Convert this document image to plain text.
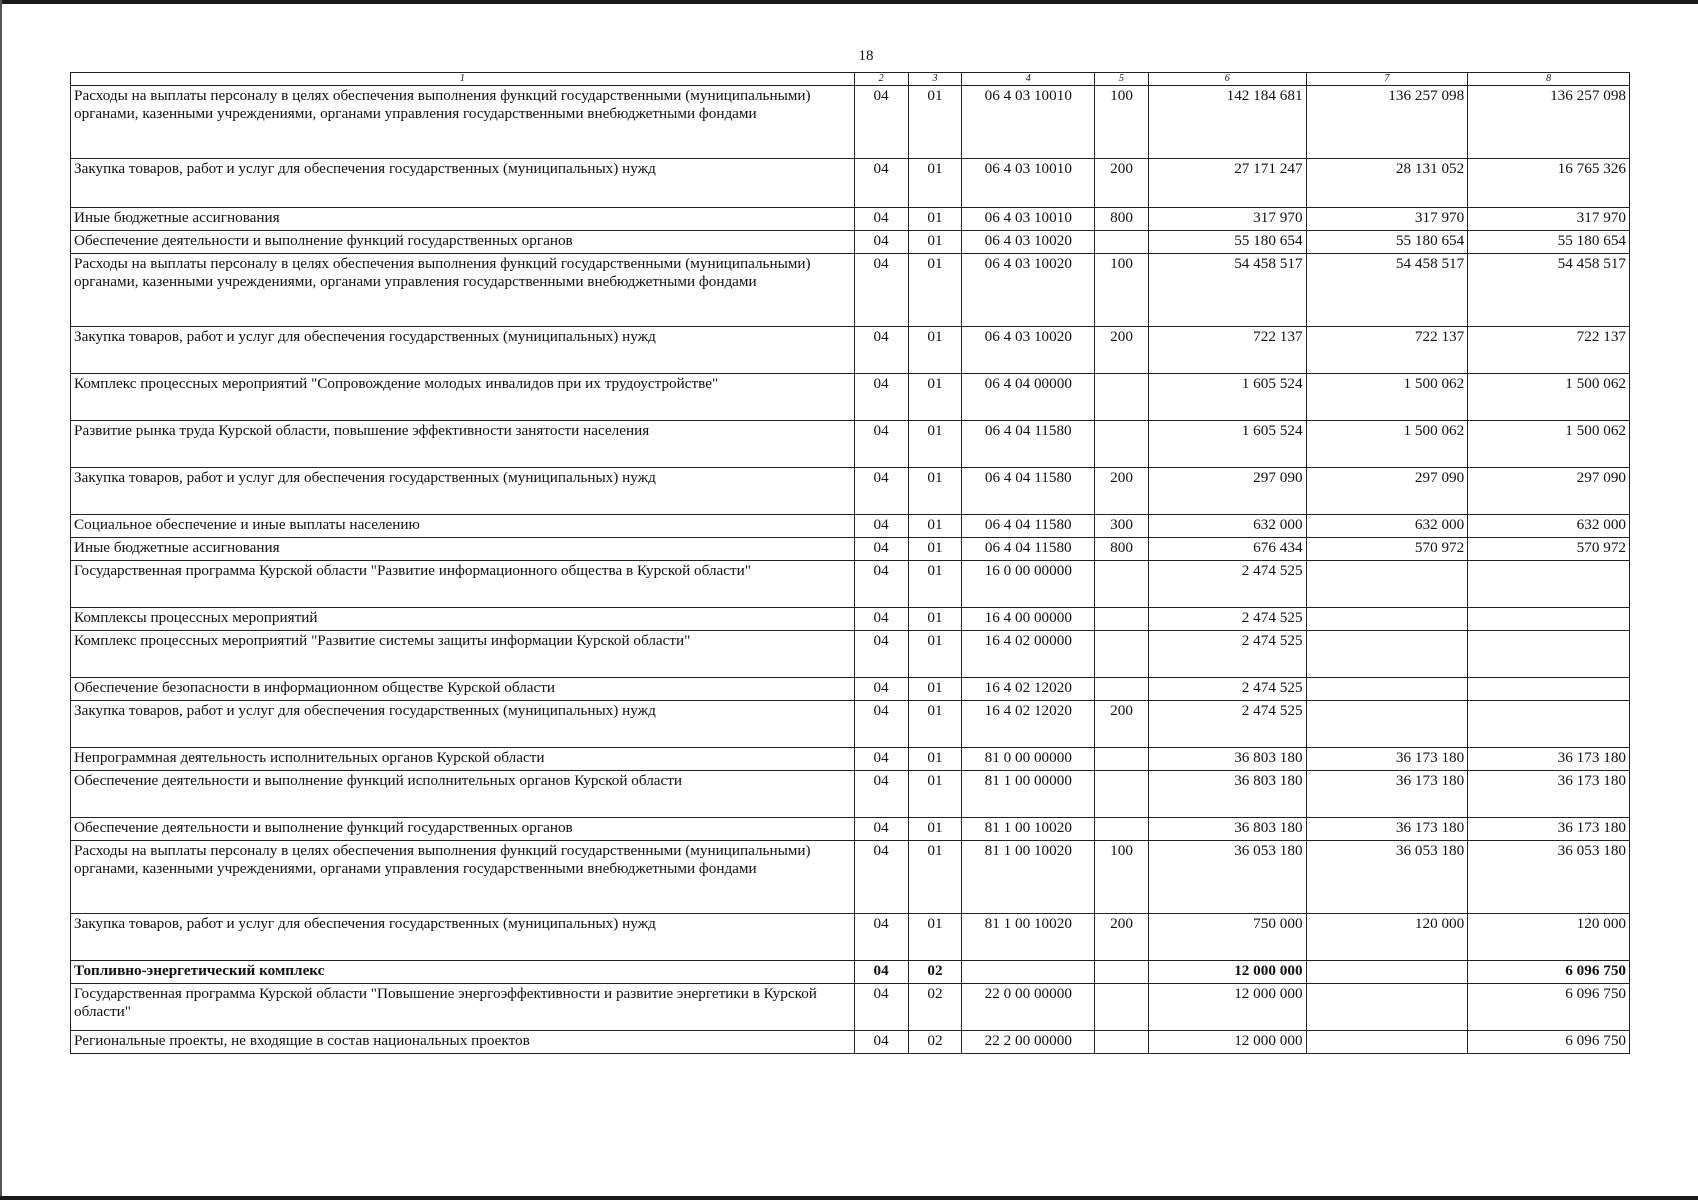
18
1	2	3	4	5	6	7	8
Расходы на выплаты персоналу в целях обеспечения выполнения функций государственными (муниципальными) органами, казенными учреждениями, органами управления государственными внебюджетными фондами	04	01	06 4 03 10010	100	142 184 681	136 257 098	136 257 098
Закупка товаров, работ и услуг для обеспечения государственных (муниципальных) нужд	04	01	06 4 03 10010	200	27 171 247	28 131 052	16 765 326
Иные бюджетные ассигнования	04	01	06 4 03 10010	800	317 970	317 970	317 970
Обеспечение деятельности и выполнение функций государственных органов	04	01	06 4 03 10020		55 180 654	55 180 654	55 180 654
Расходы на выплаты персоналу в целях обеспечения выполнения функций государственными (муниципальными) органами, казенными учреждениями, органами управления государственными внебюджетными фондами	04	01	06 4 03 10020	100	54 458 517	54 458 517	54 458 517
Закупка товаров, работ и услуг для обеспечения государственных (муниципальных) нужд	04	01	06 4 03 10020	200	722 137	722 137	722 137
Комплекс процессных мероприятий "Сопровождение молодых инвалидов при их трудоустройстве"	04	01	06 4 04 00000		1 605 524	1 500 062	1 500 062
Развитие рынка труда Курской области, повышение эффективности занятости населения	04	01	06 4 04 11580		1 605 524	1 500 062	1 500 062
Закупка товаров, работ и услуг для обеспечения государственных (муниципальных) нужд	04	01	06 4 04 11580	200	297 090	297 090	297 090
Социальное обеспечение и иные выплаты населению	04	01	06 4 04 11580	300	632 000	632 000	632 000
Иные бюджетные ассигнования	04	01	06 4 04 11580	800	676 434	570 972	570 972
Государственная программа Курской области "Развитие информационного общества в Курской области"	04	01	16 0 00 00000		2 474 525		
Комплексы процессных мероприятий	04	01	16 4 00 00000		2 474 525		
Комплекс процессных мероприятий "Развитие системы защиты информации Курской области"	04	01	16 4 02 00000		2 474 525		
Обеспечение безопасности в информационном обществе Курской области	04	01	16 4 02 12020		2 474 525		
Закупка товаров, работ и услуг для обеспечения государственных (муниципальных) нужд	04	01	16 4 02 12020	200	2 474 525		
Непрограммная деятельность исполнительных органов Курской области	04	01	81 0 00 00000		36 803 180	36 173 180	36 173 180
Обеспечение деятельности и выполнение функций исполнительных органов Курской области	04	01	81 1 00 00000		36 803 180	36 173 180	36 173 180
Обеспечение деятельности и выполнение функций государственных органов	04	01	81 1 00 10020		36 803 180	36 173 180	36 173 180
Расходы на выплаты персоналу в целях обеспечения выполнения функций государственными (муниципальными) органами, казенными учреждениями, органами управления государственными внебюджетными фондами	04	01	81 1 00 10020	100	36 053 180	36 053 180	36 053 180
Закупка товаров, работ и услуг для обеспечения государственных (муниципальных) нужд	04	01	81 1 00 10020	200	750 000	120 000	120 000
Топливно-энергетический комплекс	04	02			12 000 000		6 096 750
Государственная программа Курской области "Повышение энергоэффективности и развитие энергетики в Курской области"	04	02	22 0 00 00000		12 000 000		6 096 750
Региональные проекты, не входящие в состав национальных проектов	04	02	22 2 00 00000		12 000 000		6 096 750
